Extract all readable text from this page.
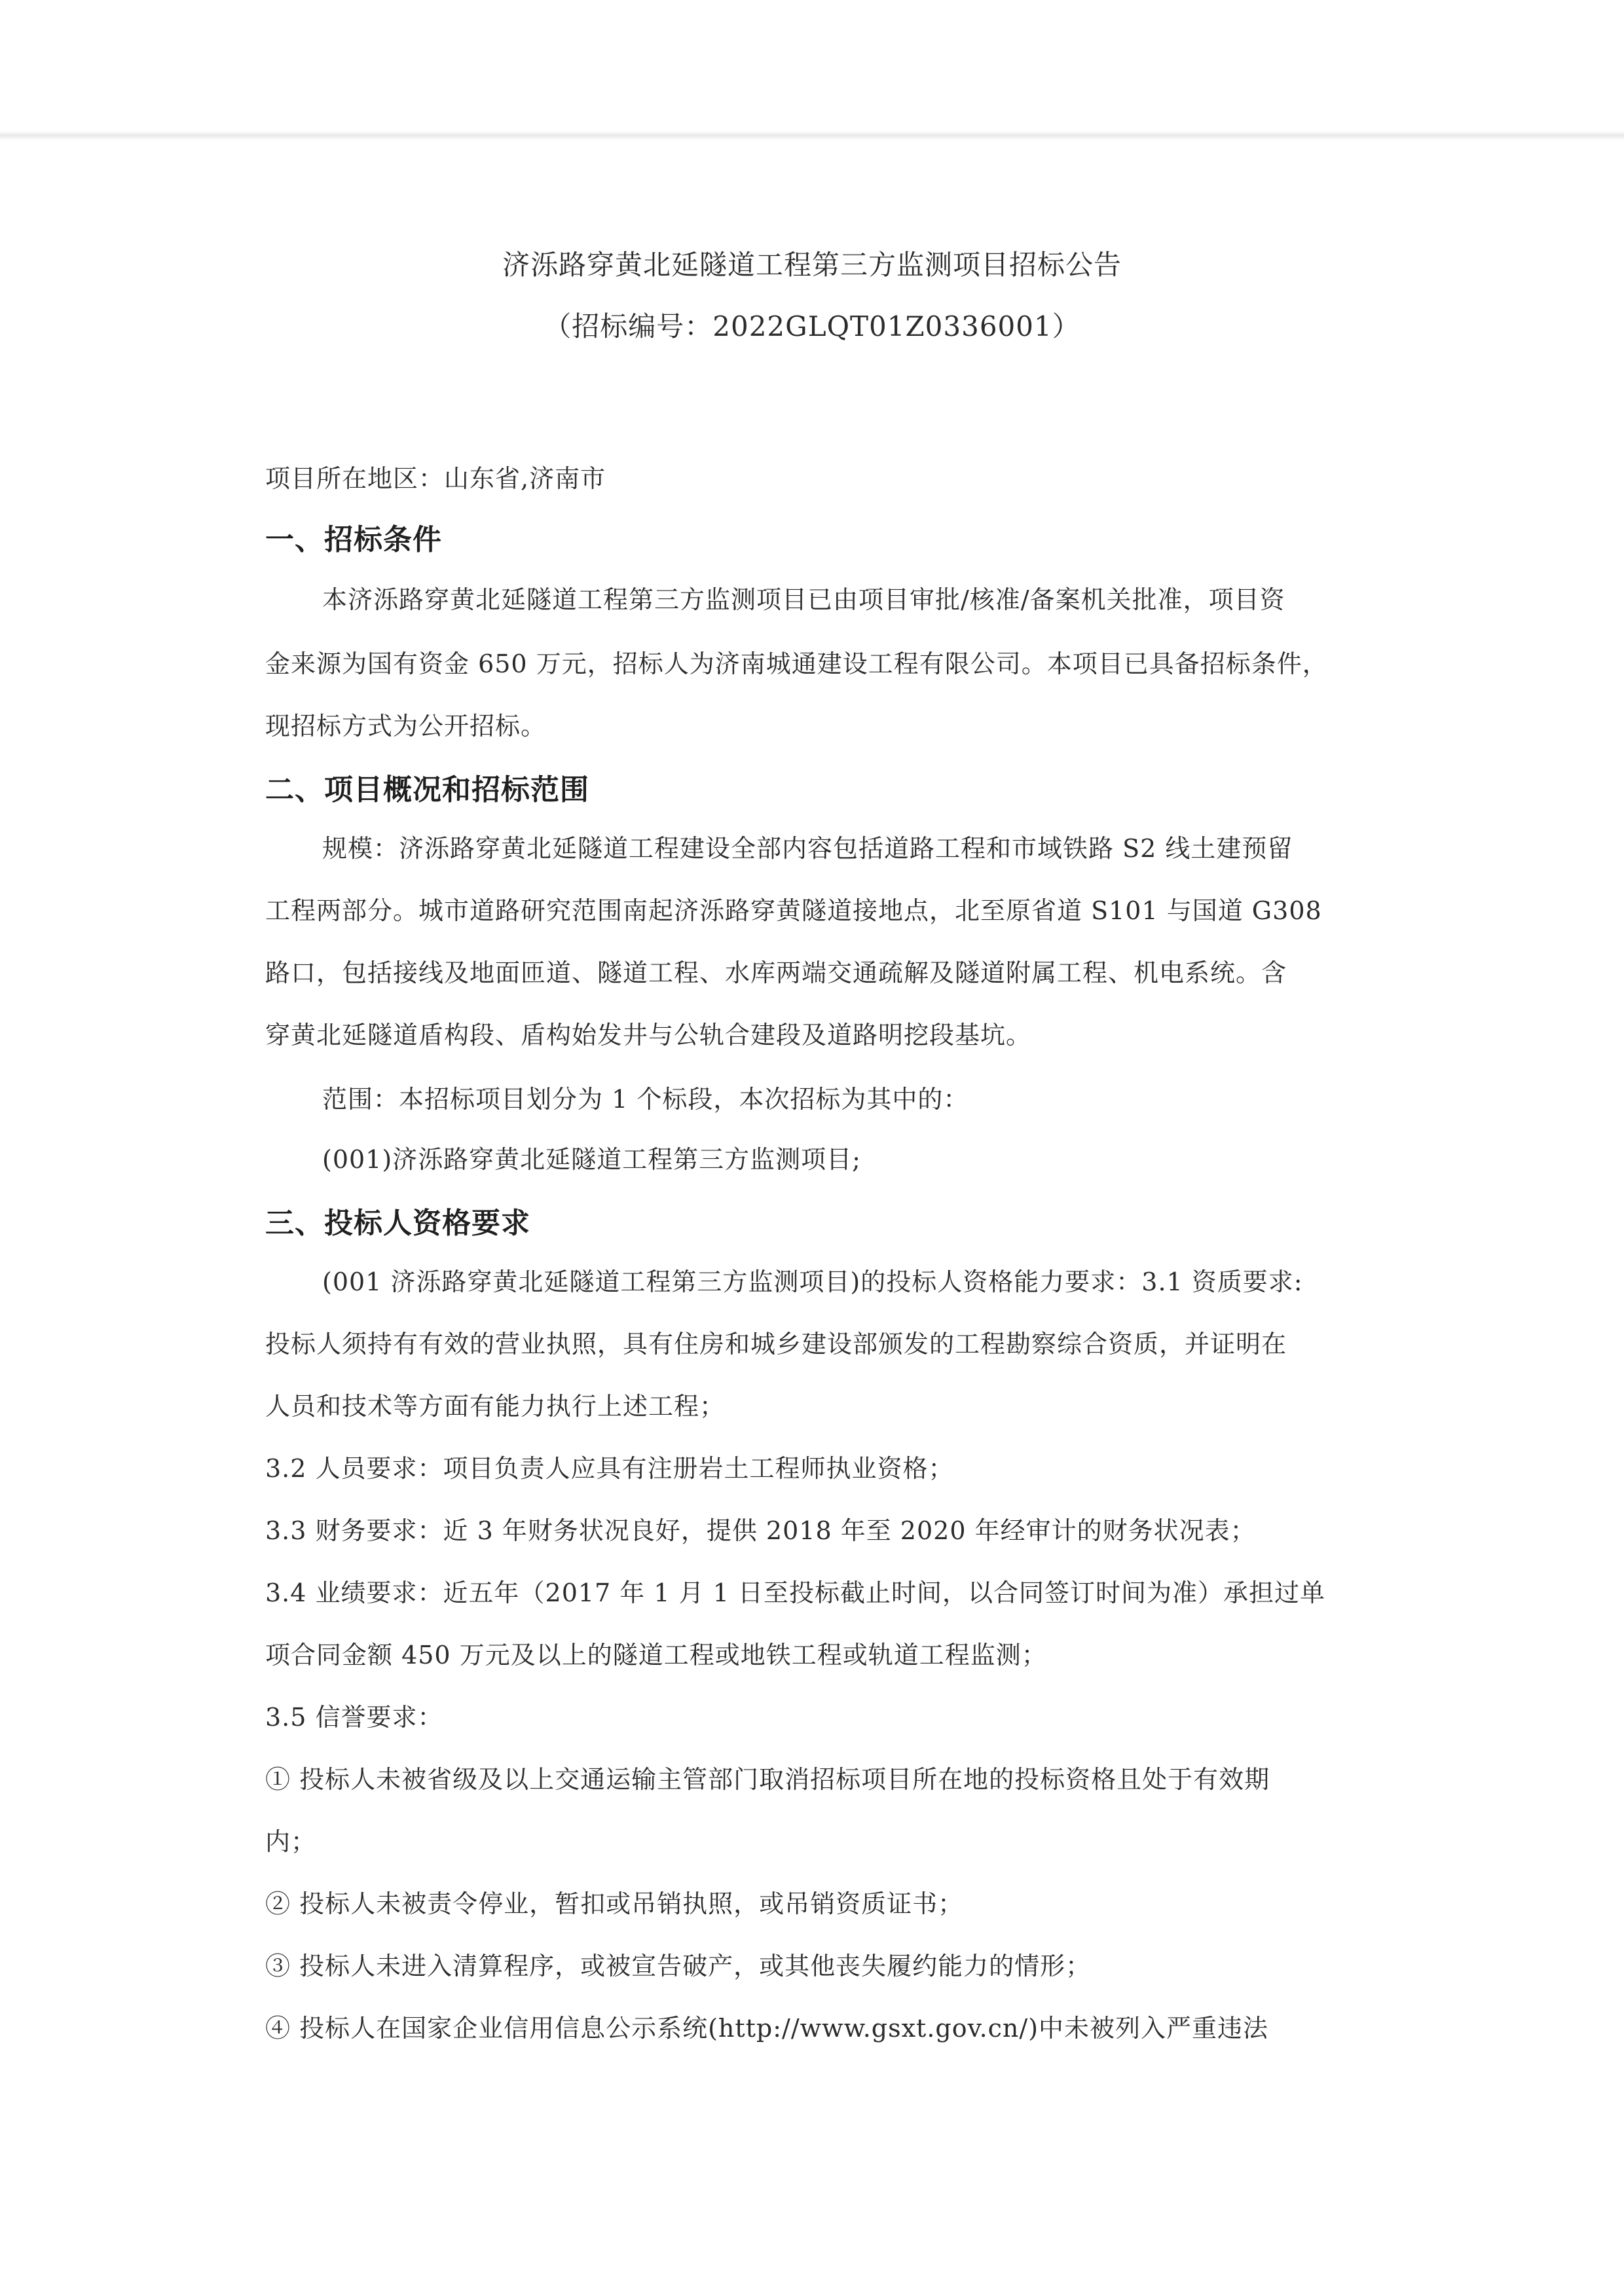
济泺路穿黄北延隧道工程第三方监测项目招标公告
（招标编号：2022GLQT01Z0336001）
项目所在地区：山东省,济南市
一、招标条件
本济泺路穿黄北延隧道工程第三方监测项目已由项目审批/核准/备案机关批准，项目资
金来源为国有资金 650 万元，招标人为济南城通建设工程有限公司。本项目已具备招标条件，
现招标方式为公开招标。
二、项目概况和招标范围
规模：济泺路穿黄北延隧道工程建设全部内容包括道路工程和市域铁路 S2 线土建预留
工程两部分。城市道路研究范围南起济泺路穿黄隧道接地点，北至原省道 S101 与国道 G308
路口，包括接线及地面匝道、隧道工程、水库两端交通疏解及隧道附属工程、机电系统。含
穿黄北延隧道盾构段、盾构始发井与公轨合建段及道路明挖段基坑。
范围：本招标项目划分为 1 个标段，本次招标为其中的：
(001)济泺路穿黄北延隧道工程第三方监测项目;
三、投标人资格要求
(001 济泺路穿黄北延隧道工程第三方监测项目)的投标人资格能力要求：3.1 资质要求:
投标人须持有有效的营业执照，具有住房和城乡建设部颁发的工程勘察综合资质，并证明在
人员和技术等方面有能力执行上述工程；
3.2 人员要求：项目负责人应具有注册岩土工程师执业资格；
3.3 财务要求：近 3 年财务状况良好，提供 2018 年至 2020 年经审计的财务状况表；
3.4 业绩要求：近五年（2017 年 1 月 1 日至投标截止时间，以合同签订时间为准）承担过单
项合同金额 450 万元及以上的隧道工程或地铁工程或轨道工程监测；
3.5 信誉要求：
① 投标人未被省级及以上交通运输主管部门取消招标项目所在地的投标资格且处于有效期
内；
② 投标人未被责令停业，暂扣或吊销执照，或吊销资质证书；
③ 投标人未进入清算程序，或被宣告破产，或其他丧失履约能力的情形；
④ 投标人在国家企业信用信息公示系统(http://www.gsxt.gov.cn/)中未被列入严重违法
